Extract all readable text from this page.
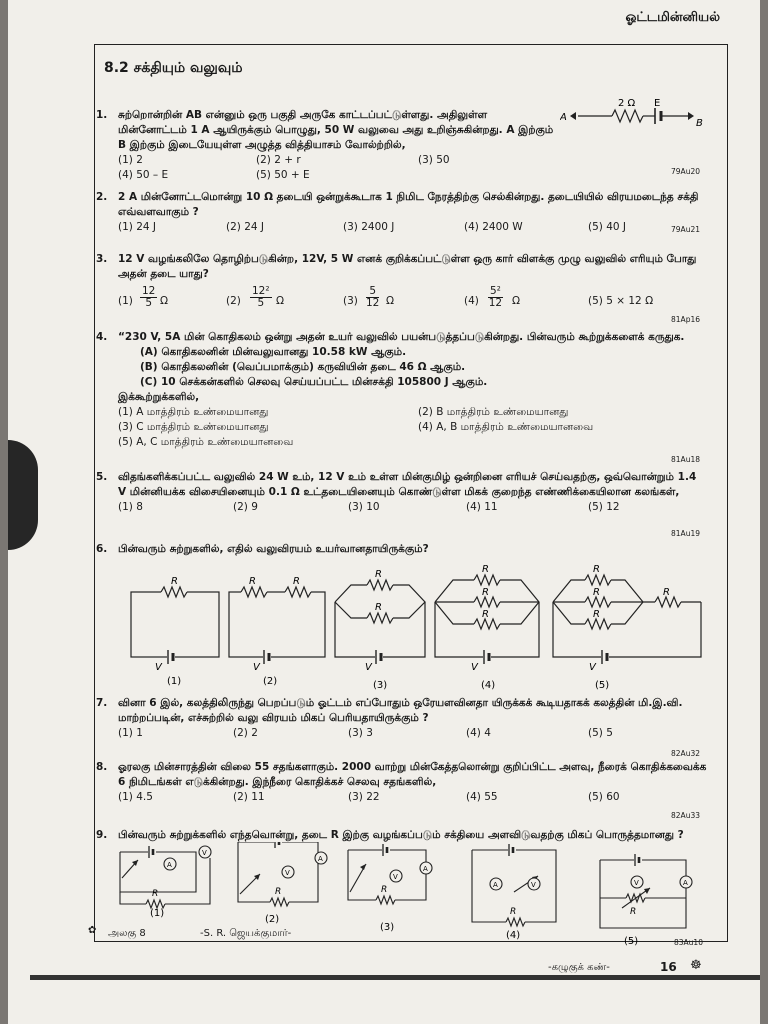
ஓட்டமின்னியல்
8.2 சக்தியும் வலுவும்
1. சுற்றொன்றின் AB என்னும் ஒரு பகுதி அருகே காட்டப்பட்டுள்ளது. அதிலுள்ள மின்னோட்டம் 1 A ஆயிருக்கும் பொழுது, 50 W வலுவை அது உறிஞ்சுகின்றது. A இற்கும் B இற்கும் இடையேயுள்ள அழுத்த வித்தியாசம் வோல்ற்றில்,
(1) 2	(2) 2 + r	(3) 50
(4) 50 – E	(5) 50 + E	79Au20
A
B
2 Ω E
2. 2 A மின்னோட்டமொன்று 10 Ω தடையி ஒன்றுக்கூடாக 1 நிமிட நேரத்திற்கு செல்கின்றது. தடையியில் விரயமடைந்த சக்தி எவ்வளவாகும் ?
(1) 24 J	(2) 24 J	(3) 2400 J	(4) 2400 W	(5) 40 J	79Au21
3. 12 V வழங்கலிலே தொழிற்படுகின்ற, 12V, 5 W எனக் குறிக்கப்பட்டுள்ள ஒரு கார் விளக்கு முழு வலுவில் எரியும் போது அதன் தடை யாது?
$(1) \frac{12}{5}$ Ω	$(2) \frac{\text{12²}}{5}$ Ω	$(3) \frac{5}{12}$ Ω	$(4) \frac{\text{5²}}{12}$ Ω	(5) 5 × 12 Ω
81Ap16
4. “230 V, 5A மின் கொதிகலம் ஒன்று அதன் உயர் வலுவில் பயன்படுத்தப்படுகின்றது. பின்வரும் கூற்றுக்களைக் கருதுக.
(A) கொதிகலனின் மின்வலுவானது 10.58 kW ஆகும்.
(B) கொதிகலனின் (வெப்பமாக்கும்) கருவியின் தடை 46 Ω ஆகும்.
(C) 10 செக்கன்களில் செலவு செய்யப்பட்ட மின்சக்தி 105800 J ஆகும்.
இக்கூற்றுக்களில்,
(1) A மாத்திரம் உண்மையானது	(2) B மாத்திரம் உண்மையானது
(3) C மாத்திரம் உண்மையானது	(4) A, B மாத்திரம் உண்மையானவை
(5) A, C மாத்திரம் உண்மையானவை
81Au18
5. விதங்களிக்கப்பட்ட வலுவில் 24 W உம், 12 V உம் உள்ள மின்குமிழ் ஒன்றினை எரியச் செய்வதற்கு, ஒவ்வொன்றும் 1.4 V மின்னியக்க விசையினையும் 0.1 Ω உட்தடையினையும் கொண்டுள்ள மிகக் குறைந்த எண்ணிக்கையிலான கலங்கள்,
(1) 8	(2) 9	(3) 10	(4) 11	(5) 12
81Au19
6. பின்வரும் சுற்றுகளில், எதில் வலுவிரயம் உயர்வானதாயிருக்கும்?
R
V
(1)
R	R
V
(2)
R
R
V
(3)
R
R
R
V
(4)
R
R
R
R
V
(5)
7. வினா 6 இல், கலத்திலிருந்து பெறப்படும் ஓட்டம் எப்போதும் ஒரேயளவினதா யிருக்கக் கூடியதாகக் கலத்தின் மி.இ.வி. மாற்றப்படின், எச்சுற்றில் வலு விரயம் மிகப் பெரியதாயிருக்கும் ?
(1) 1	(2) 2	(3) 3	(4) 4	(5) 5
82Au32
8. ஓரலகு மின்சாரத்தின் விலை 55 சதங்களாகும். 2000 வாற்று மின்கேத்தலொன்று குறிப்பிட்ட அளவு, நீரைக் கொதிக்கவைக்க 6 நிமிடங்கள் எடுக்கின்றது. இந்நீரை கொதிக்கச் செலவு சதங்களில்,
(1) 4.5	(2) 11	(3) 22	(4) 55	(5) 60
82Au33
9. பின்வரும் சுற்றுக்களில் எந்தவொன்று, தடை R இற்கு வழங்கப்படும் சக்தியை அளவிடுவதற்கு மிகப் பொருத்தமானது ?
A
V
R
(1)
V
A
R
(2)
V
A
R
(3)
A	V
R
(4)
V	A
R
(5)	83Au10
✿ அலகு 8	-S. R. ஜெயக்குமார்-
-கழுகுக் கண்-	16 ☸
